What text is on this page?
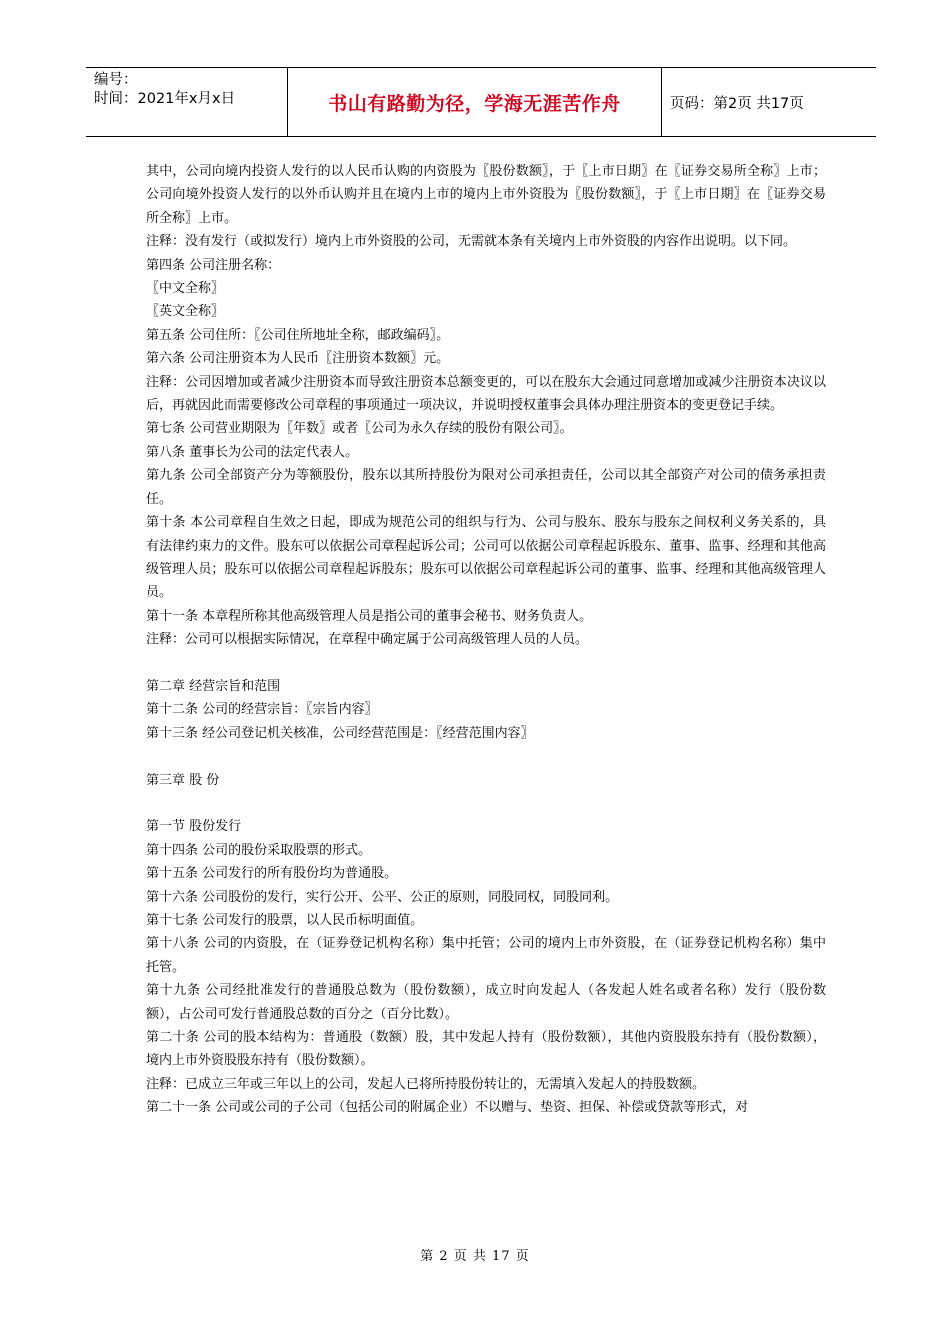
编号：
时间：2021年x月x日	书山有路勤为径，学海无涯苦作舟	页码：第2页 共17页

其中，公司向境内投资人发行的以人民币认购的内资股为〖股份数额〗，于〖上市日期〗在〖证券交易所全称〗上市；公司向境外投资人发行的以外币认购并且在境内上市的境内上市外资股为〖股份数额〗，于〖上市日期〗在〖证券交易所全称〗上市。

注释：没有发行（或拟发行）境内上市外资股的公司，无需就本条有关境内上市外资股的内容作出说明。以下同。

第四条 公司注册名称：

〖中文全称〗

〖英文全称〗

第五条 公司住所：〖公司住所地址全称，邮政编码〗。

第六条 公司注册资本为人民币〖注册资本数额〗元。

注释：公司因增加或者减少注册资本而导致注册资本总额变更的，可以在股东大会通过同意增加或减少注册资本决议以后，再就因此而需要修改公司章程的事项通过一项决议，并说明授权董事会具体办理注册资本的变更登记手续。

第七条 公司营业期限为〖年数〗或者〖公司为永久存续的股份有限公司〗。

第八条 董事长为公司的法定代表人。

第九条 公司全部资产分为等额股份，股东以其所持股份为限对公司承担责任，公司以其全部资产对公司的债务承担责任。

第十条 本公司章程自生效之日起，即成为规范公司的组织与行为、公司与股东、股东与股东之间权利义务关系的，具有法律约束力的文件。股东可以依据公司章程起诉公司；公司可以依据公司章程起诉股东、董事、监事、经理和其他高级管理人员；股东可以依据公司章程起诉股东；股东可以依据公司章程起诉公司的董事、监事、经理和其他高级管理人员。

第十一条 本章程所称其他高级管理人员是指公司的董事会秘书、财务负责人。

注释：公司可以根据实际情况，在章程中确定属于公司高级管理人员的人员。

第二章 经营宗旨和范围

第十二条 公司的经营宗旨：〖宗旨内容〗

第十三条 经公司登记机关核准，公司经营范围是：〖经营范围内容〗

第三章 股 份

第一节 股份发行

第十四条 公司的股份采取股票的形式。

第十五条 公司发行的所有股份均为普通股。

第十六条 公司股份的发行，实行公开、公平、公正的原则，同股同权，同股同利。

第十七条 公司发行的股票，以人民币标明面值。

第十八条 公司的内资股，在（证券登记机构名称）集中托管；公司的境内上市外资股，在（证券登记机构名称）集中托管。

第十九条 公司经批准发行的普通股总数为（股份数额），成立时向发起人（各发起人姓名或者名称）发行（股份数额），占公司可发行普通股总数的百分之（百分比数）。

第二十条 公司的股本结构为：普通股（数额）股，其中发起人持有（股份数额），其他内资股股东持有（股份数额），境内上市外资股股东持有（股份数额）。

注释：已成立三年或三年以上的公司，发起人已将所持股份转让的，无需填入发起人的持股数额。

第二十一条 公司或公司的子公司（包括公司的附属企业）不以赠与、垫资、担保、补偿或贷款等形式，对

第 2 页 共 17 页
